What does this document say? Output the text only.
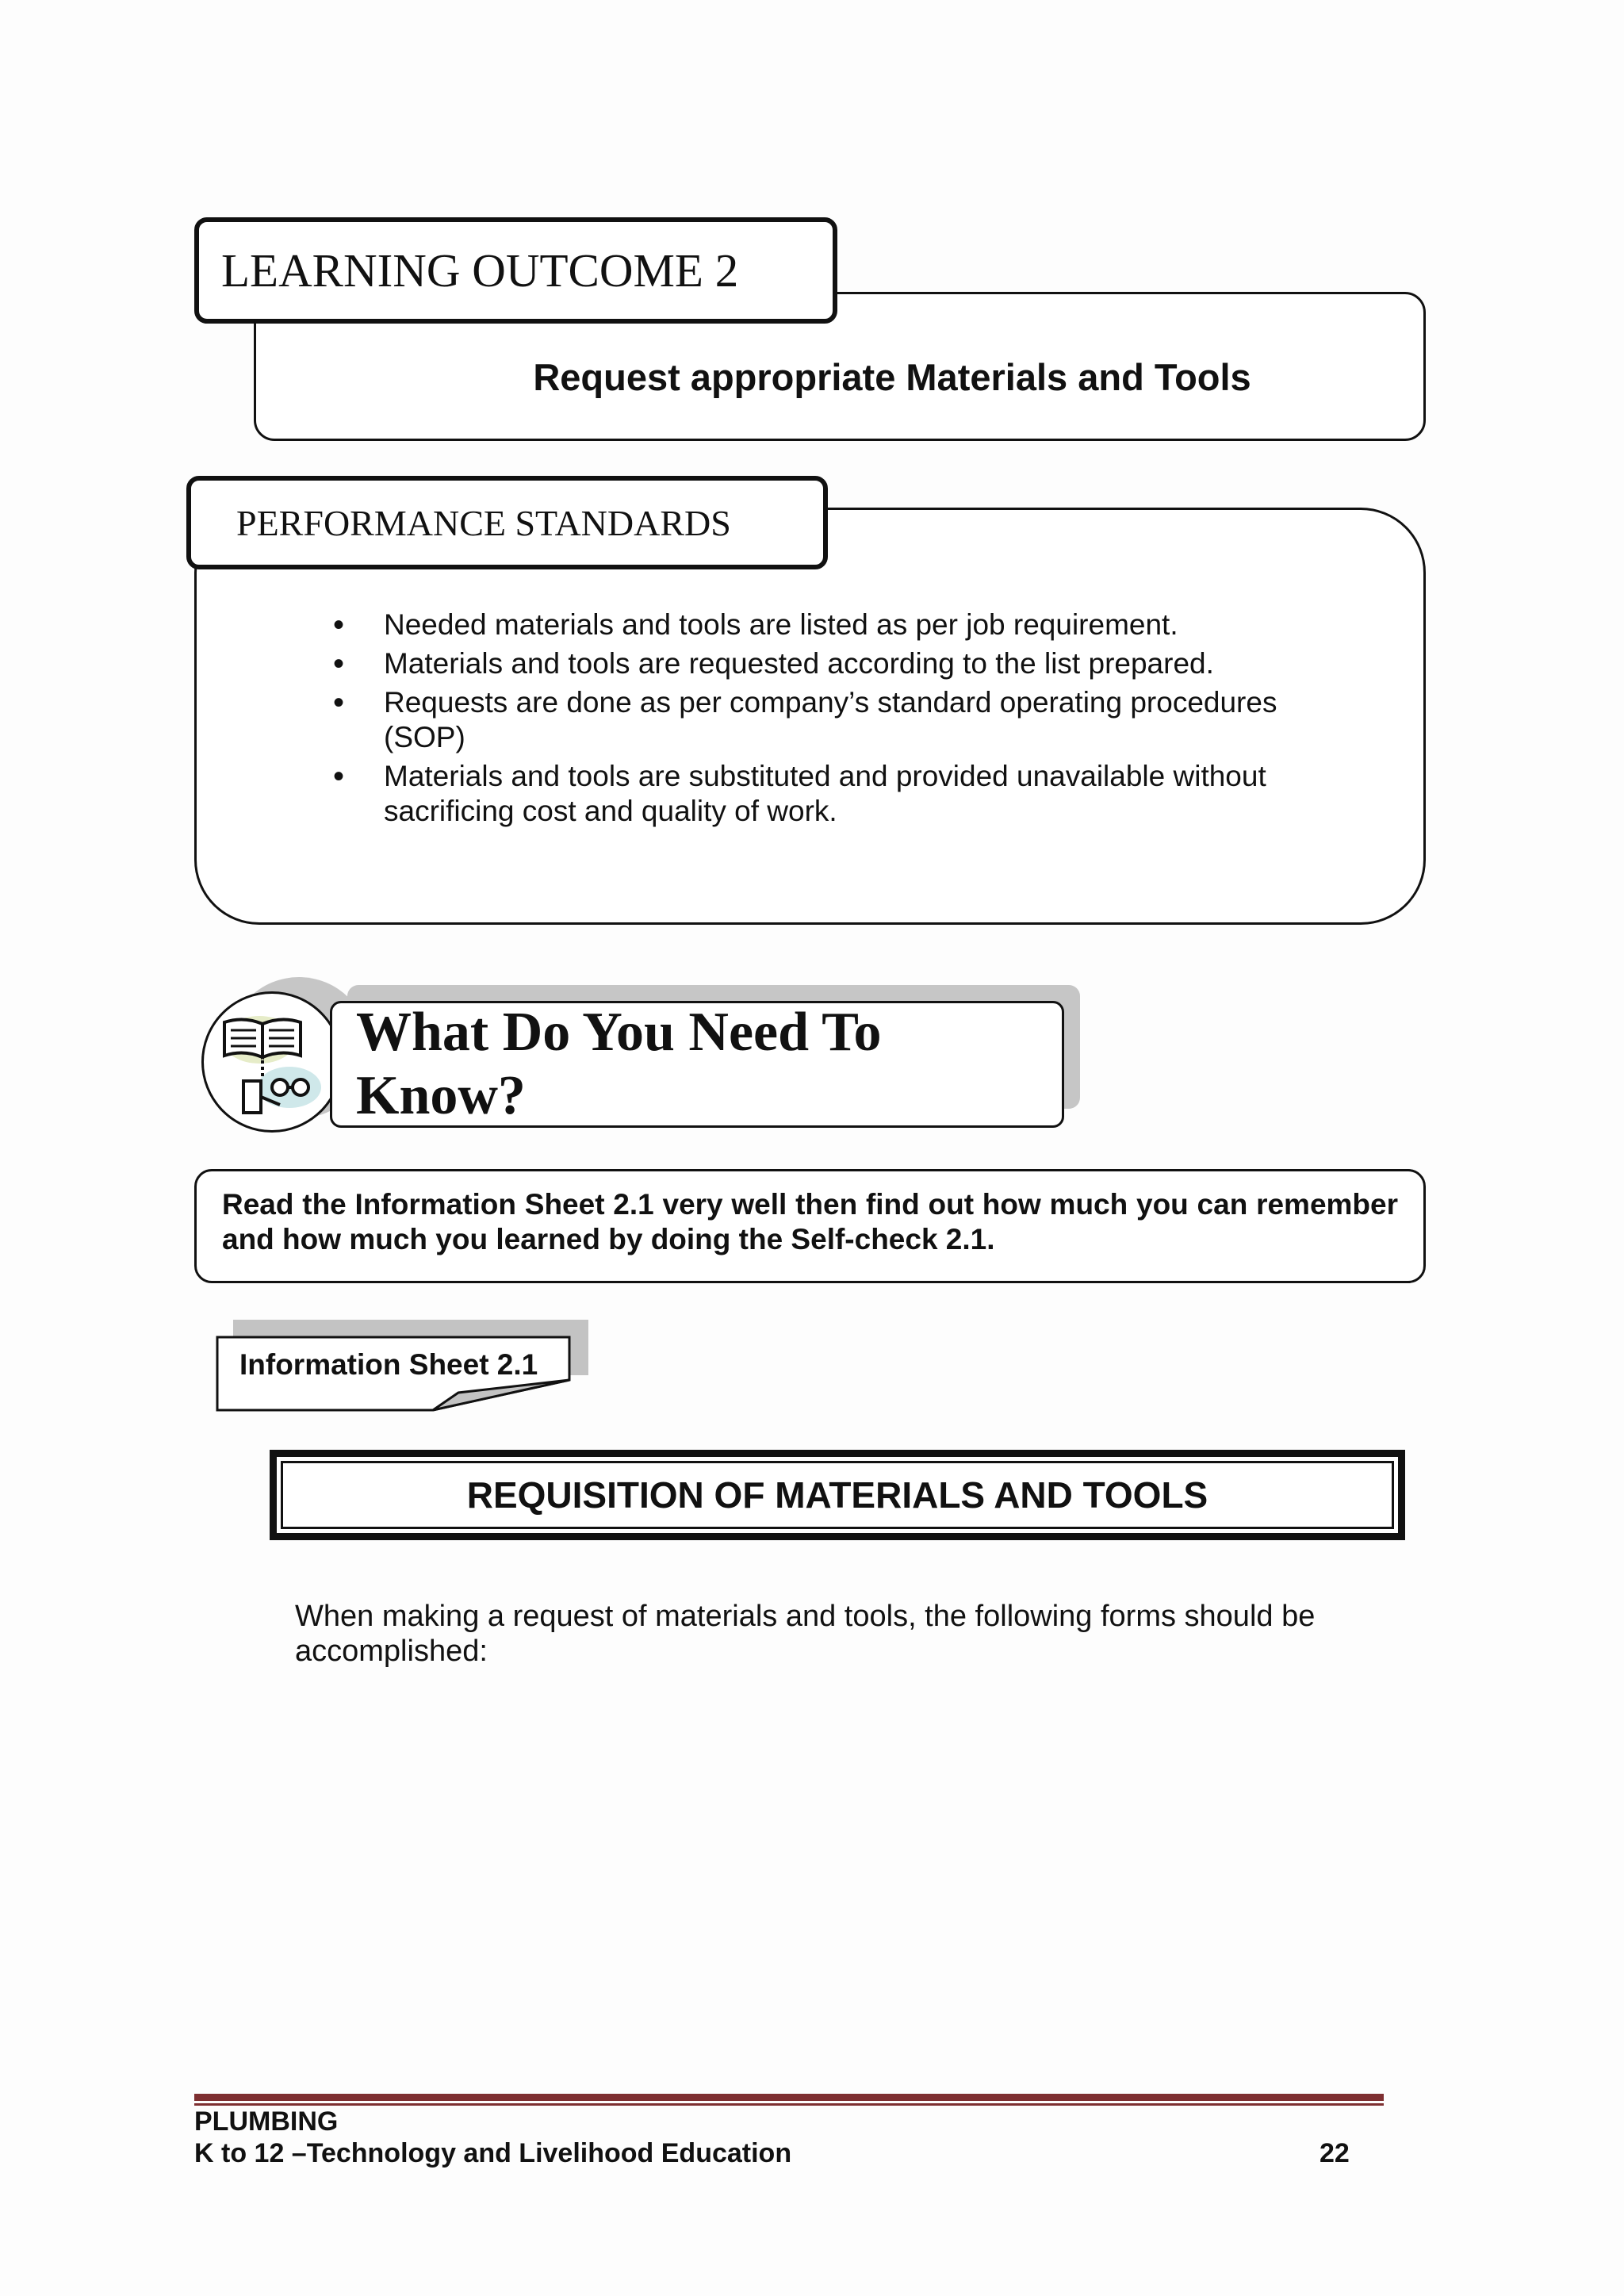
Request appropriate Materials and Tools
LEARNING OUTCOME 2
PERFORMANCE STANDARDS
• Needed materials and tools are listed as per job requirement.
• Materials and tools are requested according to the list prepared.
• Requests are done as per company’s standard operating procedures (SOP)
• Materials and tools are substituted and provided unavailable without sacrificing cost and quality of work.
What Do You Need To Know?
Read the Information Sheet 2.1 very well then find out how much you can remember and how much you learned by doing the Self-check 2.1.
Information Sheet 2.1
REQUISITION OF MATERIALS AND TOOLS
When making a request of materials and tools, the following forms should be accomplished:
PLUMBING
K to 12 –Technology and Livelihood Education	22
